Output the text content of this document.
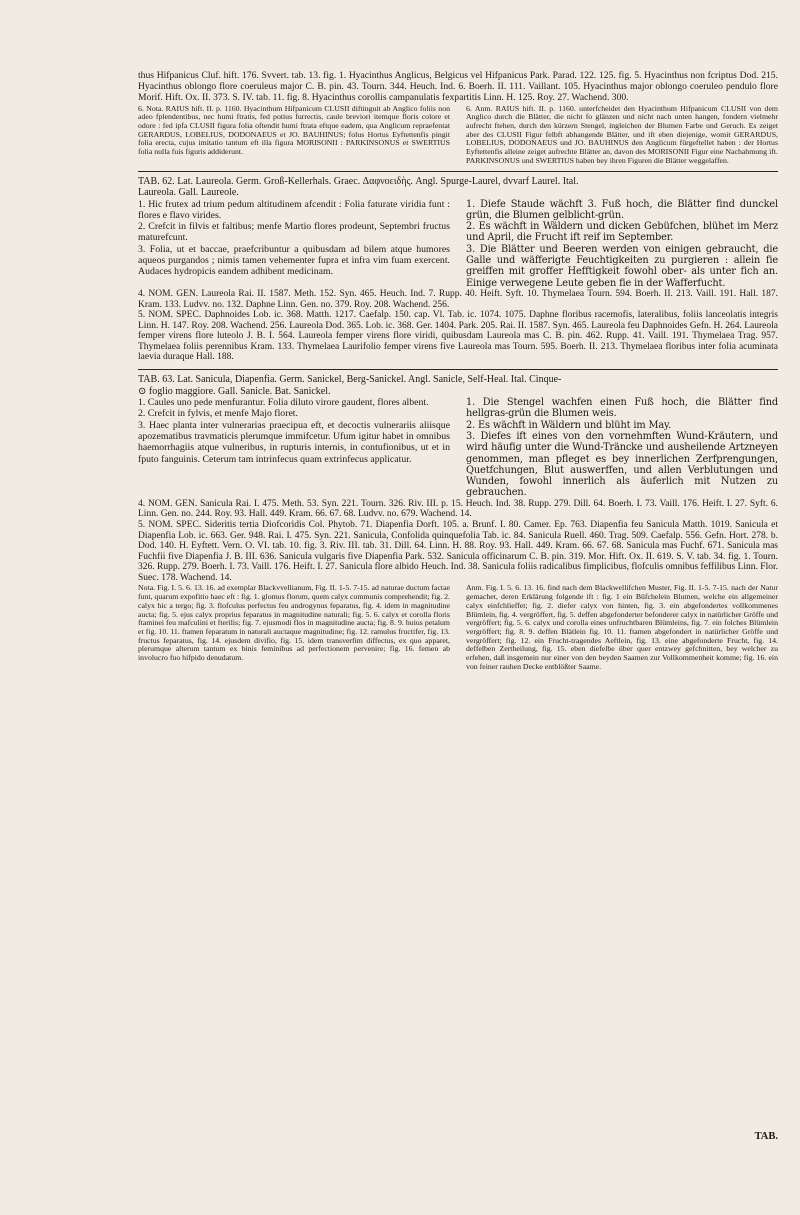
thus Hifpanicus Cluf. hift. 176. Svvert. tab. 13. fig. 1. Hyacinthus Anglicus, Belgicus vel Hifpanicus Park. Parad. 122. 125. fig. 5. Hyacinthus non fcriptus Dod. 215. Hyacinthus oblongo flore coeruleus major C. B. pin. 43. Tourn. 344. Heuch. Ind. 6. Boerh. II. 111. Vaillant. 105. Hyacinthus major oblongo coeruleo pendulo flore Morif. Hift. Ox. II. 373. S. IV. tab. 11. fig. 8. Hyacinthus corollis campanulatis fexpartitis Linn. H. 125. Roy. 27. Wachend. 300.

6. Nota. RAIUS hift. II. p. 1160. Hyacinthum Hifpanicum CLUSII diftinguit ab Anglico foliis non adeo fplendentibus, nec humi ftratis, fed potius furrectis, caule breviori itemque floris colore et odore : fed ipfa CLUSII figura folia oftendit humi ftrata eftque eadem, qua Anglicum repraefentat GERARDUS, LOBELIUS, DODONAEUS et JO. BAUHINUS; folus Hortus Eyftettenfis pingit folia erecta, cujus imitatio tantum eft illa figura MORISONII : PARKINSONUS et SWERTIUS folia nulla fuis figuris addiderunt.

6. Anm. RAIUS hift. II. p. 1160. unterfcheidet den Hyacinthum Hifpanicum CLUSII von dem Anglico durch die Blätter, die nicht fo glänzen und nicht nach unten hangen, fondern vielmehr aufrecht ftehen, durch den kürzern Stengel, ingleichen der Blumen Farbe und Geruch. Es zeiget aber des CLUSII Figur felbft abhangende Blätter, und ift eben diejenige, womit GERARDUS, LOBELIUS, DODONAEUS und JO. BAUHINUS den Anglicum fürgeftellet haben : der Hortus Eyftettenfis alleine zeiget aufrechte Blätter an, davon des MORISONII Figur eine Nachahmung ift. PARKINSONUS und SWERTIUS haben bey ihren Figuren die Blätter weggelaffen.

TAB. 62. Lat. Laureola. Germ. Groß-Kellerhals. Graec. Δαφνοειδὴς. Angl. Spurge-Laurel, dvvarf Laurel. Ital.

Laureola. Gall. Laureole.

1. Hic frutex ad trium pedum altitudinem afcendit : Folia faturate viridia funt : flores e flavo virides.

2. Crefcit in filvis et faltibus; menfe Martio flores prodeunt, Septembri fructus maturefcunt.

3. Folia, ut et baccae, praefcribuntur a quibusdam ad bilem atque humores aqueos purgandos ; nimis tamen vehementer fupra et infra vim fuam exercent. Audaces hydropicis eandem adhibent medicinam.

1. Diefe Staude wächft 3. Fuß hoch, die Blätter find dunckel grün, die Blumen gelblicht-grün.

2. Es wächft in Wäldern und dicken Gebüfchen, blühet im Merz und April, die Frucht ift reif im September.

3. Die Blätter und Beeren werden von einigen gebraucht, die Galle und wäfferigte Feuchtigkeiten zu purgieren : allein fie greiffen mit groffer Hefftigkeit fowohl ober- als unter fich an. Einige verwegene Leute geben fie in der Wafferfucht.

4. NOM. GEN. Laureola Rai. II. 1587. Meth. 152. Syn. 465. Heuch. Ind. 7. Rupp. 40. Heift. Syft. 10. Thymelaea Tourn. 594. Boerh. II. 213. Vaill. 191. Hall. 187. Kram. 133. Ludvv. no. 132. Daphne Linn. Gen. no. 379. Roy. 208. Wachend. 256.

5. NOM. SPEC. Daphnoides Lob. ic. 368. Matth. 1217. Caefalp. 150. cap. Vl. Tab. ic. 1074. 1075. Daphne floribus racemofis, lateralibus, foliis lanceolatis integris Linn. H. 147. Roy. 208. Wachend. 256. Laureola Dod. 365. Lob. ic. 368. Ger. 1404. Park. 205. Rai. II. 1587. Syn. 465. Laureola feu Daphnoides Gefn. H. 264. Laureola femper virens flore luteolo J. B. I. 564. Laureola femper virens flore viridi, quibusdam Laureola mas C. B. pin. 462. Rupp. 41. Vaill. 191. Thymelaea Trag. 957. Thymelaea foliis perennibus Kram. 133. Thymelaea Laurifolio femper virens five Laureola mas Tourn. 595. Boerh. II. 213. Thymelaea floribus inter folia acuminata laevia duraque Hall. 188.

TAB. 63. Lat. Sanicula, Diapenfia. Germ. Sanickel, Berg-Sanickel. Angl. Sanicle, Self-Heal. Ital. Cinque-

⊙ foglio maggiore. Gall. Sanicle. Bat. Sanickel.

1. Caules uno pede menfurantur. Folia diluto virore gaudent, flores albent.

2. Crefcit in fylvis, et menfe Majo floret.

3. Haec planta inter vulnerarias praecipua eft, et decoctis vulnerariis aliisque apozematibus travmaticis plerumque immifcetur. Ufum igitur habet in omnibus haemorrhagiis atque vulneribus, in rupturis internis, in contufionibus, ut et in fputo fanguinis. Ceterum tam intrinfecus quam extrinfecus applicatur.

1. Die Stengel wachfen einen Fuß hoch, die Blätter find hellgras-grün die Blumen weis.

2. Es wächft in Wäldern und blüht im May.

3. Diefes ift eines von den vornehmften Wund-Kräutern, und wird häufig unter die Wund-Träncke und ausheilende Artzneyen genommen, man pfleget es bey innerlichen Zerfprengungen, Quetfchungen, Blut auswerffen, und allen Verblutungen und Wunden, fowohl innerlich als äuferlich mit Nutzen zu gebrauchen.

4. NOM. GEN. Sanicula Rai. I. 475. Meth. 53. Syn. 221. Tourn. 326. Riv. III. p. 15. Heuch. Ind. 38. Rupp. 279. Dill. 64. Boerh. I. 73. Vaill. 176. Heift. I. 27. Syft. 6. Linn. Gen. no. 244. Roy. 93. Hall. 449. Kram. 66. 67. 68. Ludvv. no. 679. Wachend. 14.

5. NOM. SPEC. Sideritis tertia Diofcoridis Col. Phytob. 71. Diapenfia Dorft. 105. a. Brunf. I. 80. Camer. Ep. 763. Diapenfia feu Sanicula Matth. 1019. Sanicula et Diapenfia Lob. ic. 663. Ger. 948. Rai. I. 475. Syn. 221. Sanicula, Confolida quinquefolia Tab. ic. 84. Sanicula Ruell. 460. Trag. 509. Caefalp. 556. Gefn. Hort. 278. b. Dod. 140. H. Eyftett. Vern. O. VI. tab. 10. fig. 3. Riv. III. tab. 31. Dill. 64. Linn. H. 88. Roy. 93. Hall. 449. Kram. 66. 67. 68. Sanicula mas Fuchf. 671. Sanicula mas Fuchfii five Diapenfia J. B. III. 636. Sanicula vulgaris five Diapenfia Park. 532. Sanicula officinarum C. B. pin. 319. Mor. Hift. Ox. II. 619. S. V. tab. 34. fig. 1. Tourn. 326. Rupp. 279. Boerh. I. 73. Vaill. 176. Heift. I. 27. Sanicula flore albido Heuch. Ind. 38. Sanicula foliis radicalibus fimplicibus, flofculis omnibus feffilibus Linn. Flor. Suec. 178. Wachend. 14.

Nota. Fig. I. 5. 6. 13. 16. ad exemplar Blackvvellianum, Fig. II. 1-5. 7-15. ad naturae ductum factae funt, quarum expofitio haec eft : fig. 1. glomus florum, quem calyx communis comprehendit; fig. 2. calyx hic a tergo; fig. 3. flofculus perfectus feu androgynus feparatus, fig. 4. idem in magnitudine aucta; fig. 5. ejus calyx proprius feparatus in magnitudine naturali; fig. 5. 6. calyx et corolla floris ftaminei feu mafculini et fterilis; fig. 7. ejusmodi flos in magnitudine aucta; fig. 8. 9. huius petalum et fig. 10. 11. ftamen feparatum in naturali auctaque magnitudine; fig. 12. ramulus fructifer, fig. 13. fructus feparatus, fig. 14. ejusdem divifio, fig. 15. idem transverfim diffectus, ex quo apparet, plerumque alterum tantum ex binis feminibus ad perfectionem pervenire; fig. 16. femen ab involucro fuo hifpido denudatum.

Anm. Fig. I. 5. 6. 13. 16. find nach dem Blackwellifchen Muster, Fig. II. 1-5. 7-15. nach der Natur gemachet, deren Erklärung folgende ift : fig. 1 ein Büfchelein Blumen, welche ein allgemeiner calyx einfchlieffet; fig. 2. diefer calyx von hinten, fig. 3. ein abgefondertes vollkommenes Blümlein, fig. 4. vergröffert, fig. 5. deffen abgefonderter befonderer calyx in natürlicher Gröffe und vergröffert; fig. 5. 6. calyx und corolla eines unfruchtbaren Blümleins, fig. 7. ein folches Blümlein vergröffert; fig. 8. 9. deffen Blätlein fig. 10. 11. ftamen abgefondert in natürlicher Gröffe und vergröffert; fig. 12. ein Frucht-tragendes Aeftlein, fig. 13. eine abgefonderte Frucht, fig. 14. deffelben Zertheilung, fig. 15. eben diefelbe über quer entzwey gefchnitten, bey welcher zu erfehen, daß insgemein nur einer von den beyden Saamen zur Vollkommenheit komme; fig. 16. ein von feiner rauhen Decke entblößter Saame.

TAB.
